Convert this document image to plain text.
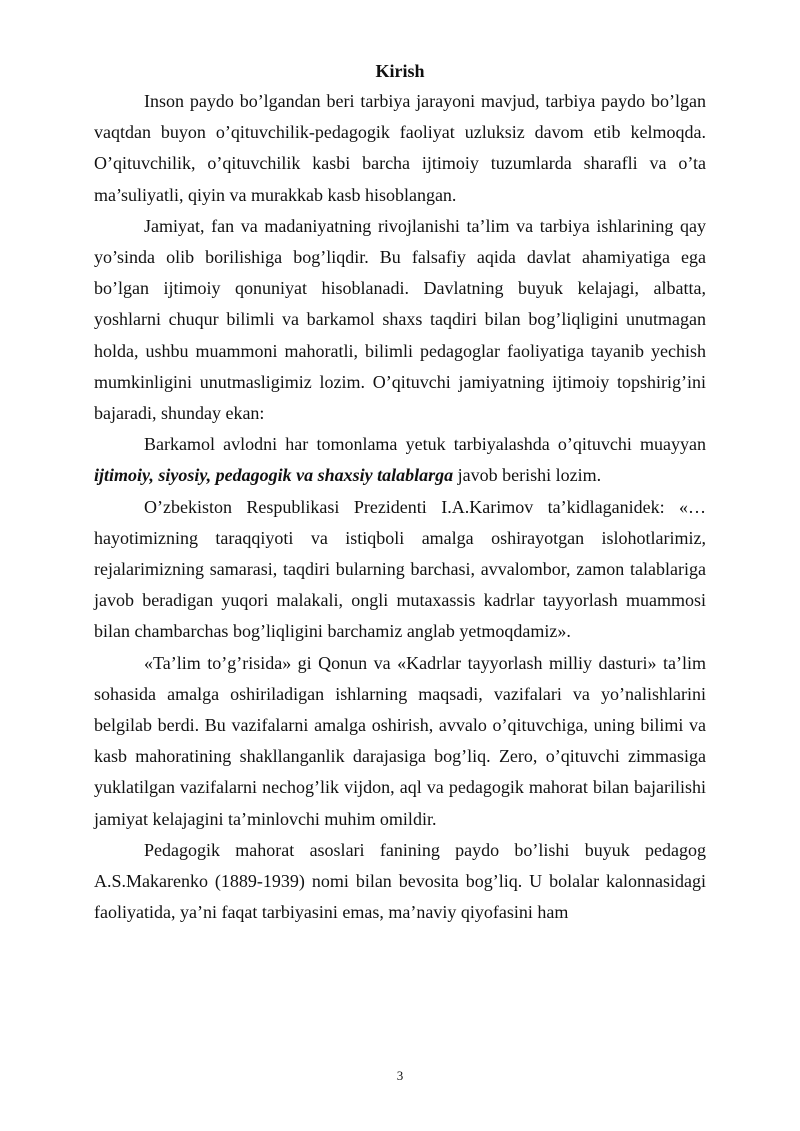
Kirish

Inson paydo bo’lgandan beri tarbiya jarayoni mavjud, tarbiya paydo bo’lgan vaqtdan buyon o’qituvchilik-pedagogik faoliyat uzluksiz davom etib kelmoqda. O’qituvchilik, o’qituvchilik kasbi barcha ijtimoiy tuzumlarda sharafli va o’ta ma’suliyatli, qiyin va murakkab kasb hisoblangan.

Jamiyat, fan va madaniyatning rivojlanishi ta’lim va tarbiya ishlarining qay yo’sinda olib borilishiga bog’liqdir. Bu falsafiy aqida davlat ahamiyatiga ega bo’lgan ijtimoiy qonuniyat hisoblanadi. Davlatning buyuk kelajagi, albatta, yoshlarni chuqur bilimli va barkamol shaxs taqdiri bilan bog’liqligini unutmagan holda, ushbu muammoni mahoratli, bilimli pedagoglar faoliyatiga tayanib yechish mumkinligini unutmasligimiz lozim. O’qituvchi jamiyatning ijtimoiy topshirig’ini bajaradi, shunday ekan:

Barkamol avlodni har tomonlama yetuk tarbiyalashda o’qituvchi muayyan ijtimoiy, siyosiy, pedagogik va shaxsiy talablarga javob berishi lozim.

O’zbekiston Respublikasi Prezidenti I.A.Karimov ta’kidlaganidek: «… hayotimizning taraqqiyoti va istiqboli amalga oshirayotgan islohotlarimiz, rejalarimizning samarasi, taqdiri bularning barchasi, avvalombor, zamon talablariga javob beradigan yuqori malakali, ongli mutaxassis kadrlar tayyorlash muammosi bilan chambarchas bog’liqligini barchamiz anglab yetmoqdamiz».

«Ta’lim to’g’risida» gi Qonun va «Kadrlar tayyorlash milliy dasturi» ta’lim sohasida amalga oshiriladigan ishlarning maqsadi, vazifalari va yo’nalishlarini belgilab berdi. Bu vazifalarni amalga oshirish, avvalo o’qituvchiga, uning bilimi va kasb mahoratining shakllanganlik darajasiga bog’liq. Zero, o’qituvchi zimmasiga yuklatilgan vazifalarni nechog’lik vijdon, aql va pedagogik mahorat bilan bajarilishi jamiyat kelajagini ta’minlovchi muhim omildir.

Pedagogik mahorat asoslari fanining paydo bo’lishi buyuk pedagog A.S.Makarenko (1889-1939) nomi bilan bevosita bog’liq. U bolalar kalonnasidagi faoliyatida, ya’ni faqat tarbiyasini emas, ma’naviy qiyofasini ham

3
